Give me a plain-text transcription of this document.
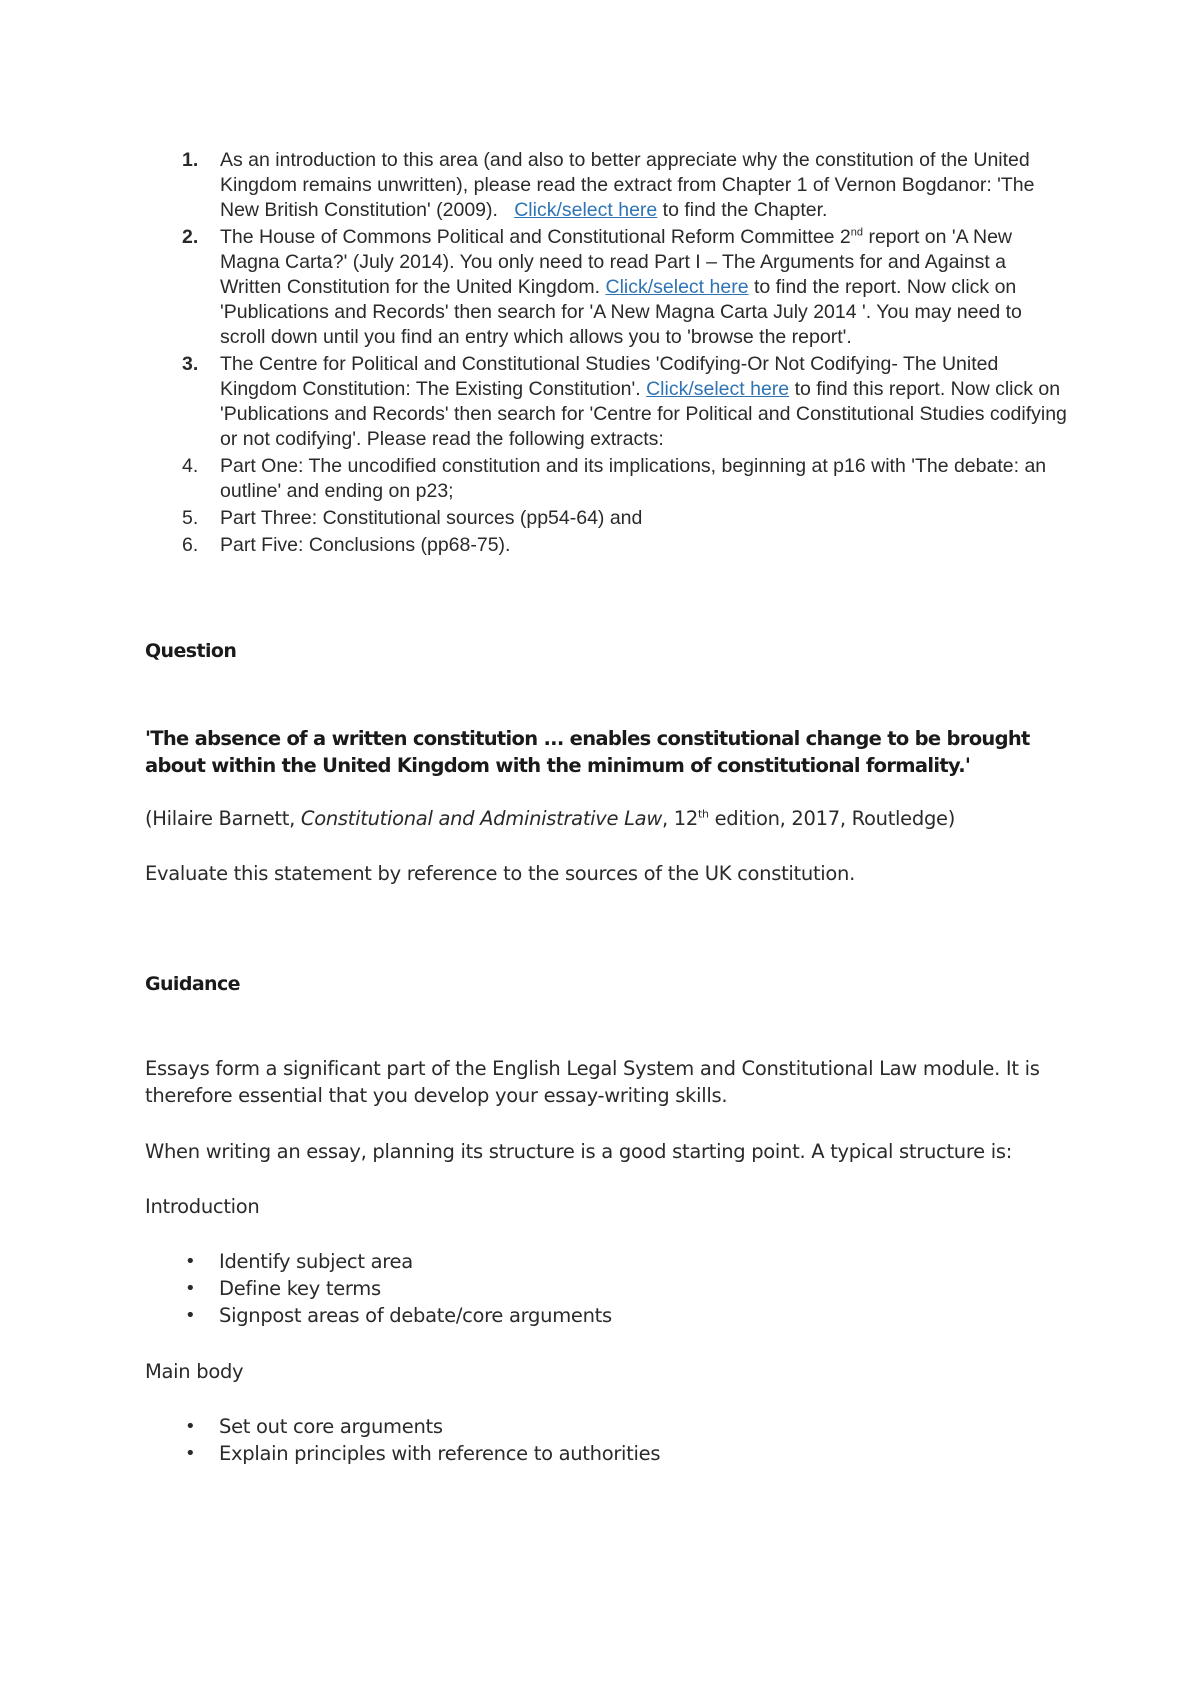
1. As an introduction to this area (and also to better appreciate why the constitution of the United Kingdom remains unwritten), please read the extract from Chapter 1 of Vernon Bogdanor: 'The New British Constitution' (2009). Click/select here to find the Chapter.
2. The House of Commons Political and Constitutional Reform Committee 2nd report on 'A New Magna Carta?' (July 2014). You only need to read Part I – The Arguments for and Against a Written Constitution for the United Kingdom. Click/select here to find the report. Now click on 'Publications and Records' then search for 'A New Magna Carta July 2014 '. You may need to scroll down until you find an entry which allows you to 'browse the report'.
3. The Centre for Political and Constitutional Studies 'Codifying-Or Not Codifying- The United Kingdom Constitution: The Existing Constitution'. Click/select here to find this report. Now click on 'Publications and Records' then search for 'Centre for Political and Constitutional Studies codifying or not codifying'. Please read the following extracts:
4. Part One: The uncodified constitution and its implications, beginning at p16 with 'The debate: an outline' and ending on p23;
5. Part Three: Constitutional sources (pp54-64) and
6. Part Five: Conclusions (pp68-75).
Question
'The absence of a written constitution ... enables constitutional change to be brought about within the United Kingdom with the minimum of constitutional formality.'
(Hilaire Barnett, Constitutional and Administrative Law, 12th edition, 2017, Routledge)
Evaluate this statement by reference to the sources of the UK constitution.
Guidance
Essays form a significant part of the English Legal System and Constitutional Law module. It is therefore essential that you develop your essay-writing skills.
When writing an essay, planning its structure is a good starting point. A typical structure is:
Introduction
• Identify subject area
• Define key terms
• Signpost areas of debate/core arguments
Main body
• Set out core arguments
• Explain principles with reference to authorities
